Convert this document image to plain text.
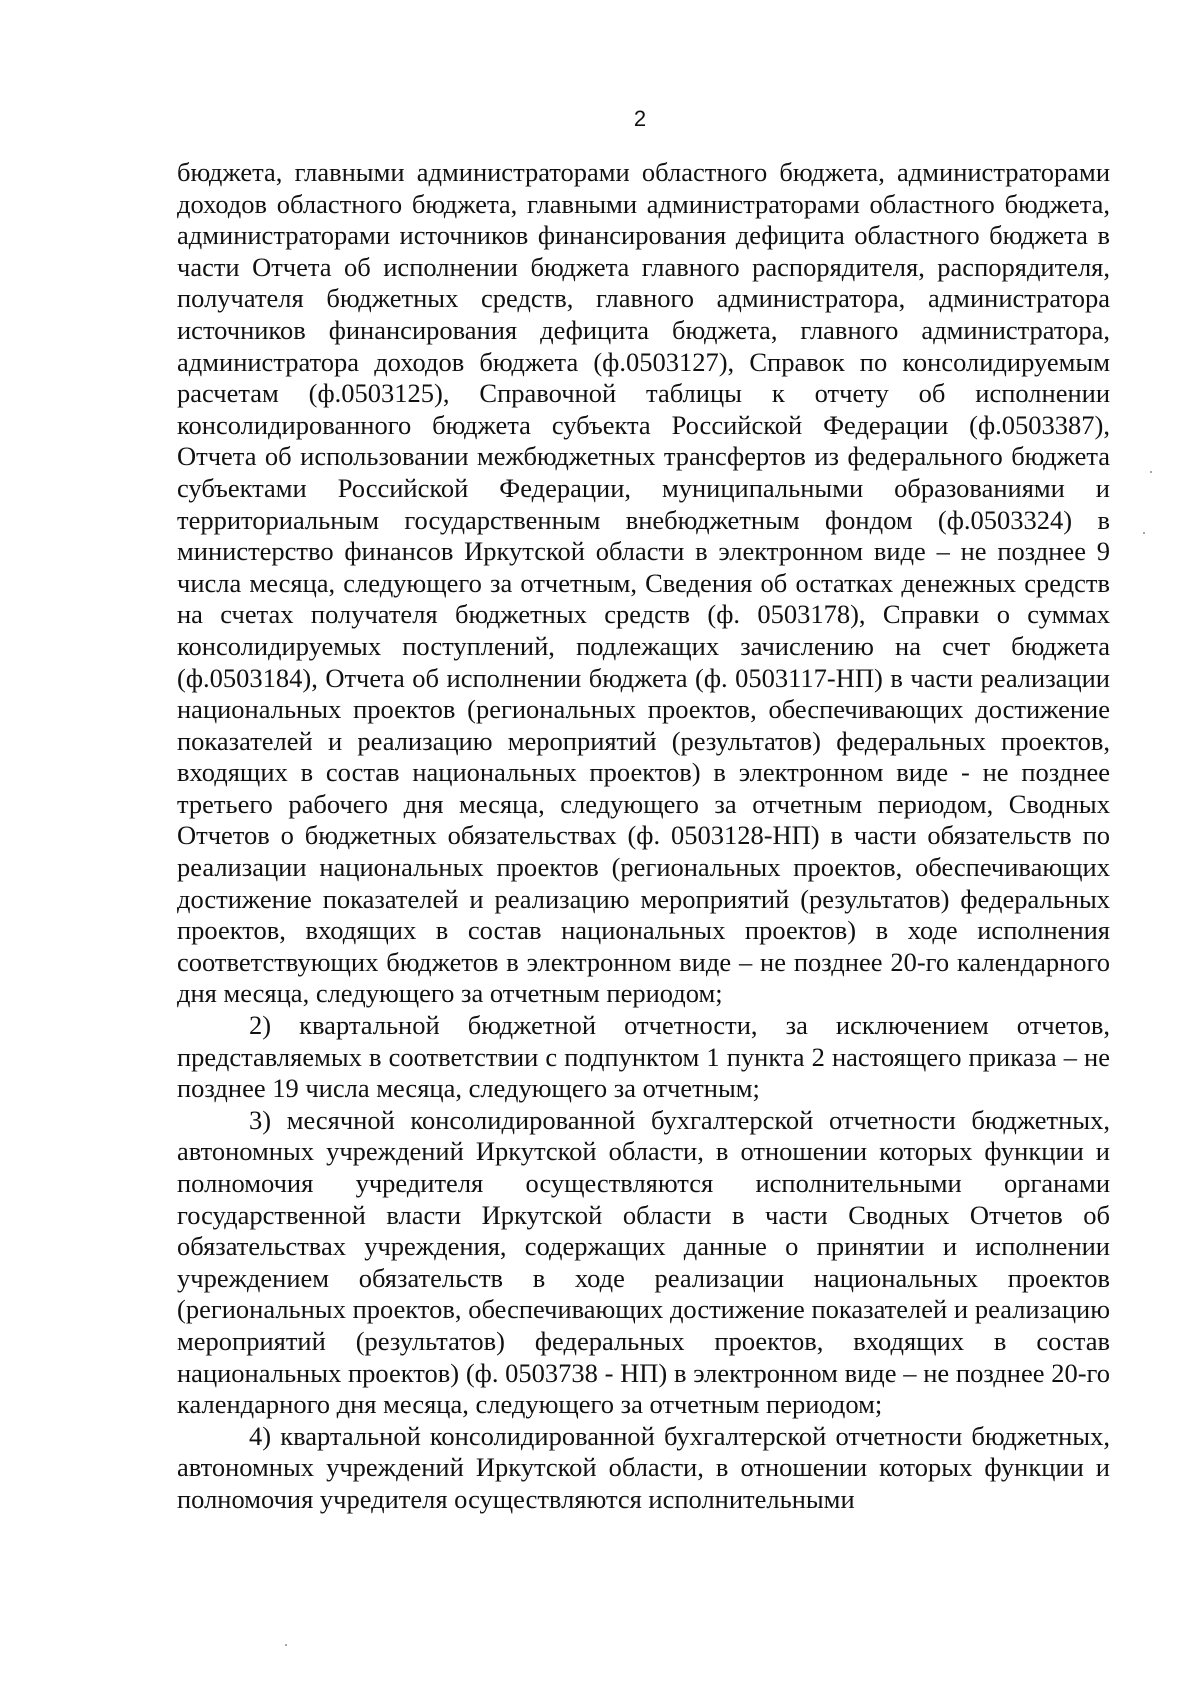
2

бюджета, главными администраторами областного бюджета, администраторами доходов областного бюджета, главными администраторами областного бюджета, администраторами источников финансирования дефицита областного бюджета в части Отчета об исполнении бюджета главного распорядителя, распорядителя, получателя бюджетных средств, главного администратора, администратора источников финансирования дефицита бюджета, главного администратора, администратора доходов бюджета (ф.0503127), Справок по консолидируемым расчетам (ф.0503125), Справочной таблицы к отчету об исполнении консолидированного бюджета субъекта Российской Федерации (ф.0503387), Отчета об использовании межбюджетных трансфертов из федерального бюджета субъектами Российской Федерации, муниципальными образованиями и территориальным государственным внебюджетным фондом (ф.0503324) в министерство финансов Иркутской области в электронном виде – не позднее 9 числа месяца, следующего за отчетным, Сведения об остатках денежных средств на счетах получателя бюджетных средств (ф. 0503178), Справки о суммах консолидируемых поступлений, подлежащих зачислению на счет бюджета (ф.0503184), Отчета об исполнении бюджета (ф. 0503117-НП) в части реализации национальных проектов (региональных проектов, обеспечивающих достижение показателей и реализацию мероприятий (результатов) федеральных проектов, входящих в состав национальных проектов) в электронном виде - не позднее третьего рабочего дня месяца, следующего за отчетным периодом, Сводных Отчетов о бюджетных обязательствах (ф. 0503128-НП) в части обязательств по реализации национальных проектов (региональных проектов, обеспечивающих достижение показателей и реализацию мероприятий (результатов) федеральных проектов, входящих в состав национальных проектов) в ходе исполнения соответствующих бюджетов в электронном виде – не позднее 20-го календарного дня месяца, следующего за отчетным периодом;

2) квартальной бюджетной отчетности, за исключением отчетов, представляемых в соответствии с подпунктом 1 пункта 2 настоящего приказа – не позднее 19 числа месяца, следующего за отчетным;

3) месячной консолидированной бухгалтерской отчетности бюджетных, автономных учреждений Иркутской области, в отношении которых функции и полномочия учредителя осуществляются исполнительными органами государственной власти Иркутской области в части Сводных Отчетов об обязательствах учреждения, содержащих данные о принятии и исполнении учреждением обязательств в ходе реализации национальных проектов (региональных проектов, обеспечивающих достижение показателей и реализацию мероприятий (результатов) федеральных проектов, входящих в состав национальных проектов) (ф. 0503738 - НП) в электронном виде – не позднее 20-го календарного дня месяца, следующего за отчетным периодом;

4) квартальной консолидированной бухгалтерской отчетности бюджетных, автономных учреждений Иркутской области, в отношении которых функции и полномочия учредителя осуществляются исполнительными
